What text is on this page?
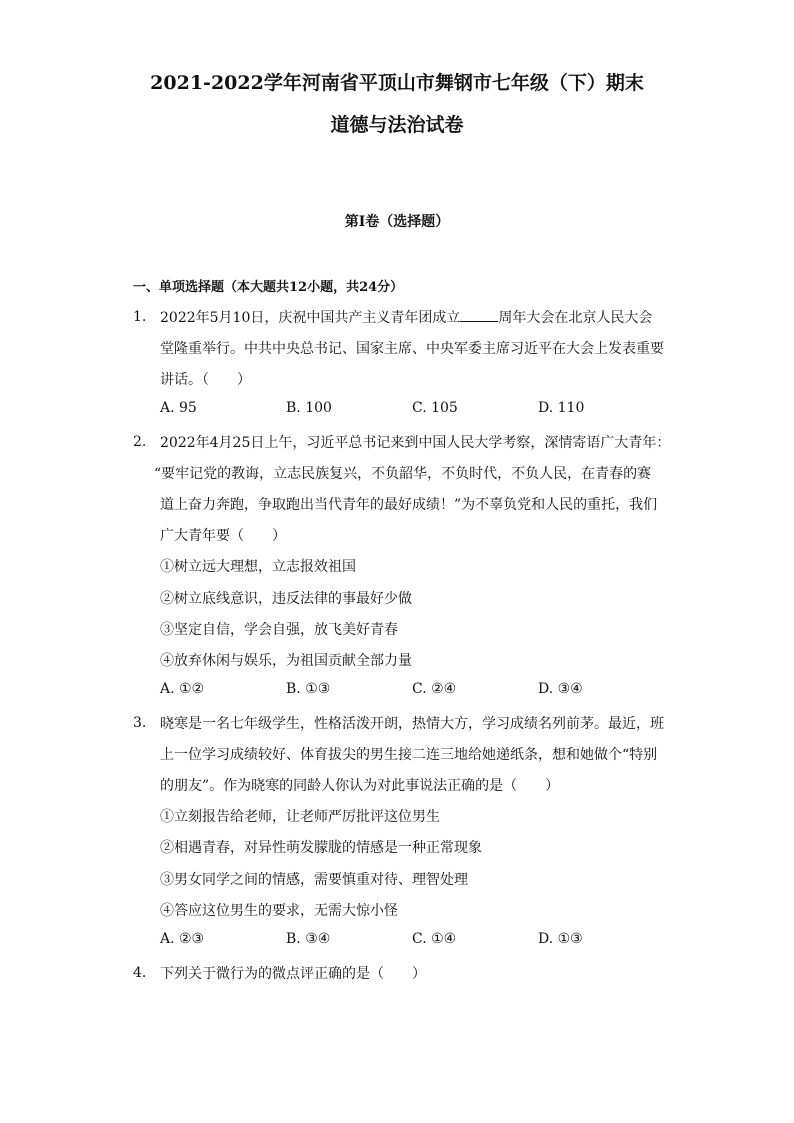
2021-2022学年河南省平顶山市舞钢市七年级（下）期末
道德与法治试卷
第I卷（选择题）
一、单项选择题（本大题共12小题，共24分）
1. 2022年5月10日，庆祝中国共产主义青年团成立	周年大会在北京人民大会
堂隆重举行。中共中央总书记、国家主席、中央军委主席习近平在大会上发表重要
讲话。（　　）
A. 95	B. 100	C. 105	D. 110
2. 2022年4月25日上午，习近平总书记来到中国人民大学考察，深情寄语广大青年：
“要牢记党的教诲，立志民族复兴，不负韶华，不负时代，不负人民，在青春的赛
道上奋力奔跑，争取跑出当代青年的最好成绩！”为不辜负党和人民的重托，我们
广大青年要（　　）
①树立远大理想，立志报效祖国
②树立底线意识，违反法律的事最好少做
③坚定自信，学会自强，放飞美好青春
④放弃休闲与娱乐，为祖国贡献全部力量
A. ①②	B. ①③	C. ②④	D. ③④
3. 晓寒是一名七年级学生，性格活泼开朗，热情大方，学习成绩名列前茅。最近，班
上一位学习成绩较好、体育拔尖的男生接二连三地给她递纸条，想和她做个“特别
的朋友”。作为晓寒的同龄人你认为对此事说法正确的是（　　）
①立刻报告给老师，让老师严厉批评这位男生
②相遇青春，对异性萌发朦胧的情感是一种正常现象
③男女同学之间的情感，需要慎重对待、理智处理
④答应这位男生的要求，无需大惊小怪
A. ②③	B. ③④	C. ①④	D. ①③
4. 下列关于微行为的微点评正确的是（　　）
